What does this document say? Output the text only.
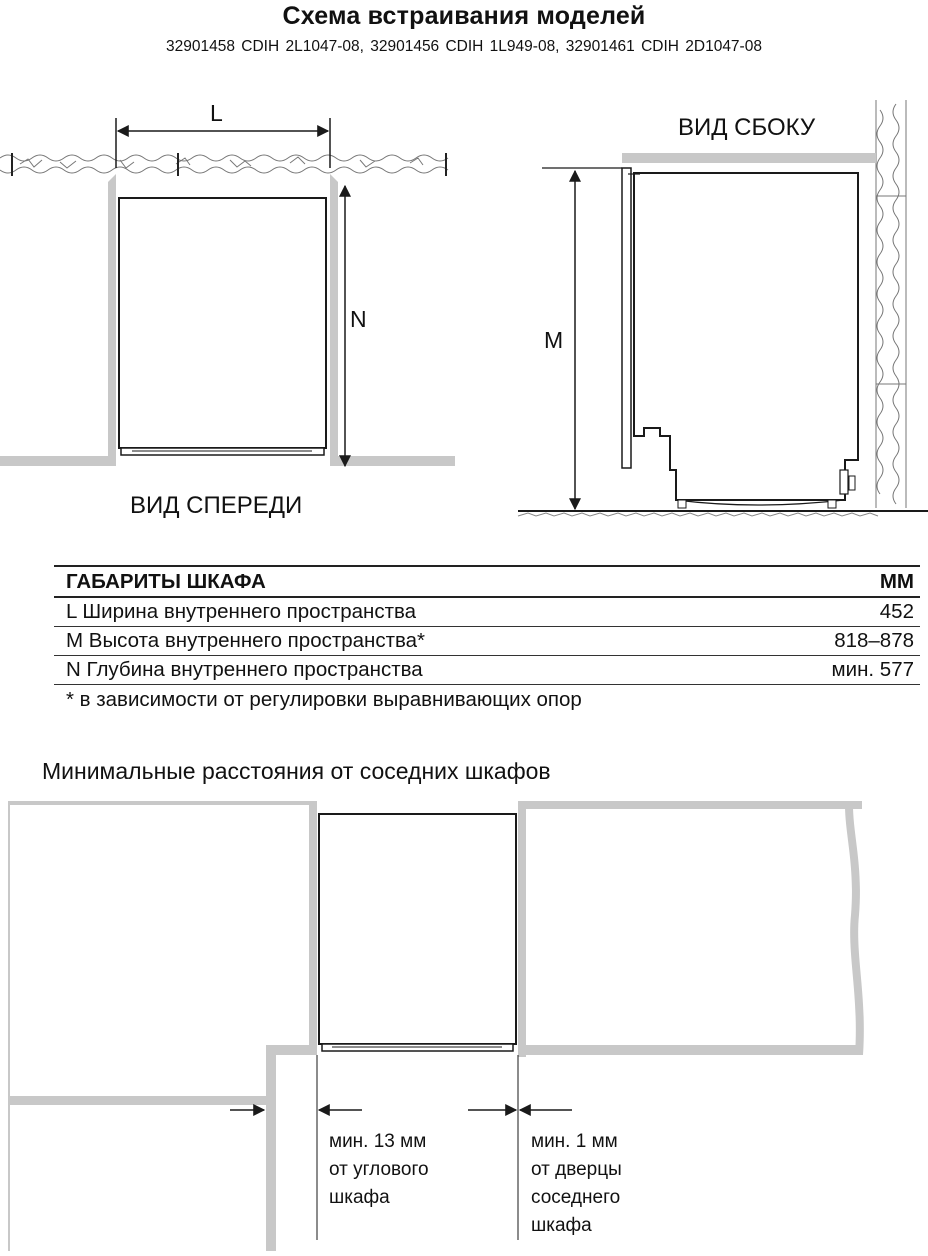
Схема встраивания моделей
32901458 CDIH 2L1047-08, 32901456 CDIH 1L949-08, 32901461 CDIH 2D1047-08
L
N
ВИД СПЕРЕДИ
ВИД СБОКУ
M
ГАБАРИТЫ ШКАФА	ММ
L Ширина внутреннего пространства	452
M Высота внутреннего пространства*	818–878
N Глубина внутреннего пространства	мин. 577
* в зависимости от регулировки выравнивающих опор	
Минимальные расстояния от соседних шкафов
мин. 13 мм
от углового
шкафа
мин. 1 мм
от дверцы
соседнего
шкафа
